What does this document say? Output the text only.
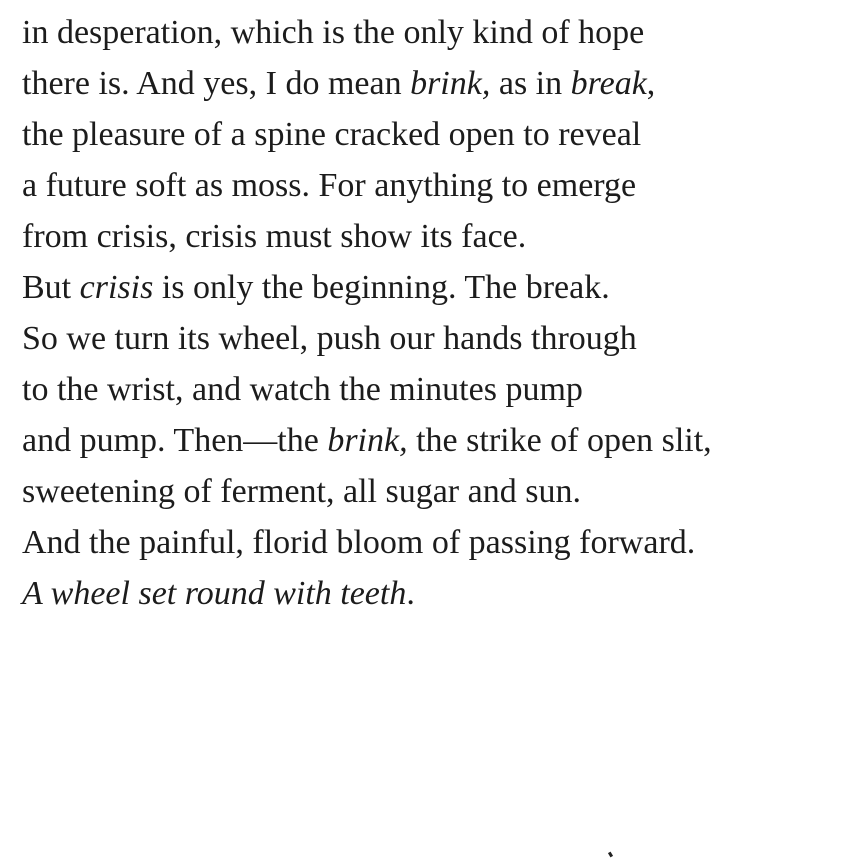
in desperation, which is the only kind of hope
there is. And yes, I do mean brink, as in break,
the pleasure of a spine cracked open to reveal
a future soft as moss. For anything to emerge
from crisis, crisis must show its face.
But crisis is only the beginning. The break.
So we turn its wheel, push our hands through
to the wrist, and watch the minutes pump
and pump. Then—the brink, the strike of open slit,
sweetening of ferment, all sugar and sun.
And the painful, florid bloom of passing forward.
A wheel set round with teeth.
